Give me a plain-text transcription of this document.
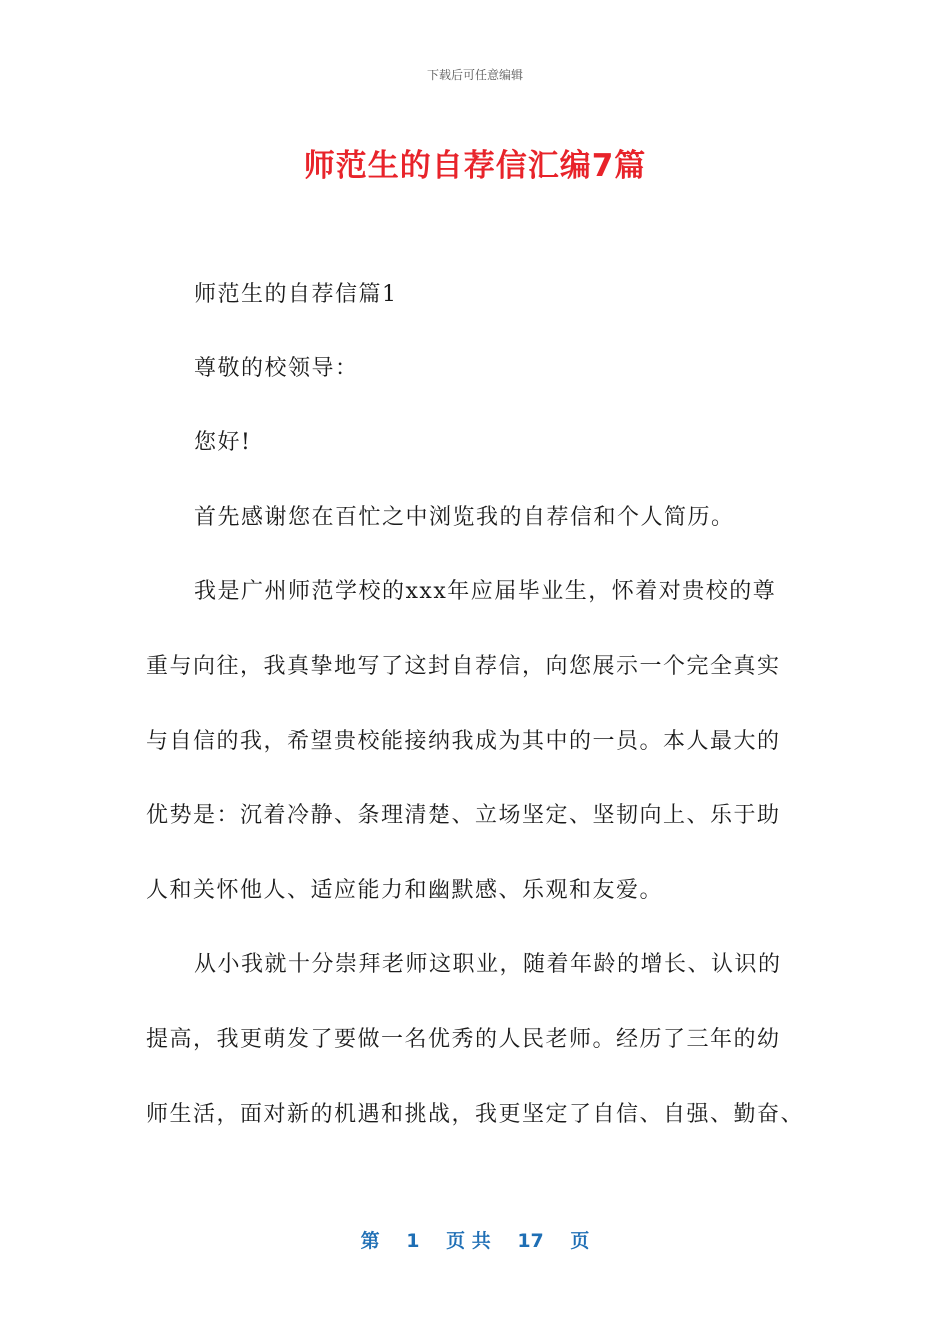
下载后可任意编辑
师范生的自荐信汇编7篇
师范生的自荐信篇1
尊敬的校领导：
您好!
首先感谢您在百忙之中浏览我的自荐信和个人简历。
我是广州师范学校的xxx年应届毕业生，怀着对贵校的尊
重与向往，我真挚地写了这封自荐信，向您展示一个完全真实
与自信的我，希望贵校能接纳我成为其中的一员。本人最大的
优势是：沉着冷静、条理清楚、立场坚定、坚韧向上、乐于助
人和关怀他人、适应能力和幽默感、乐观和友爱。
从小我就十分崇拜老师这职业，随着年龄的增长、认识的
提高，我更萌发了要做一名优秀的人民老师。经历了三年的幼
师生活，面对新的机遇和挑战，我更坚定了自信、自强、勤奋、
第 1 页 共 17 页
